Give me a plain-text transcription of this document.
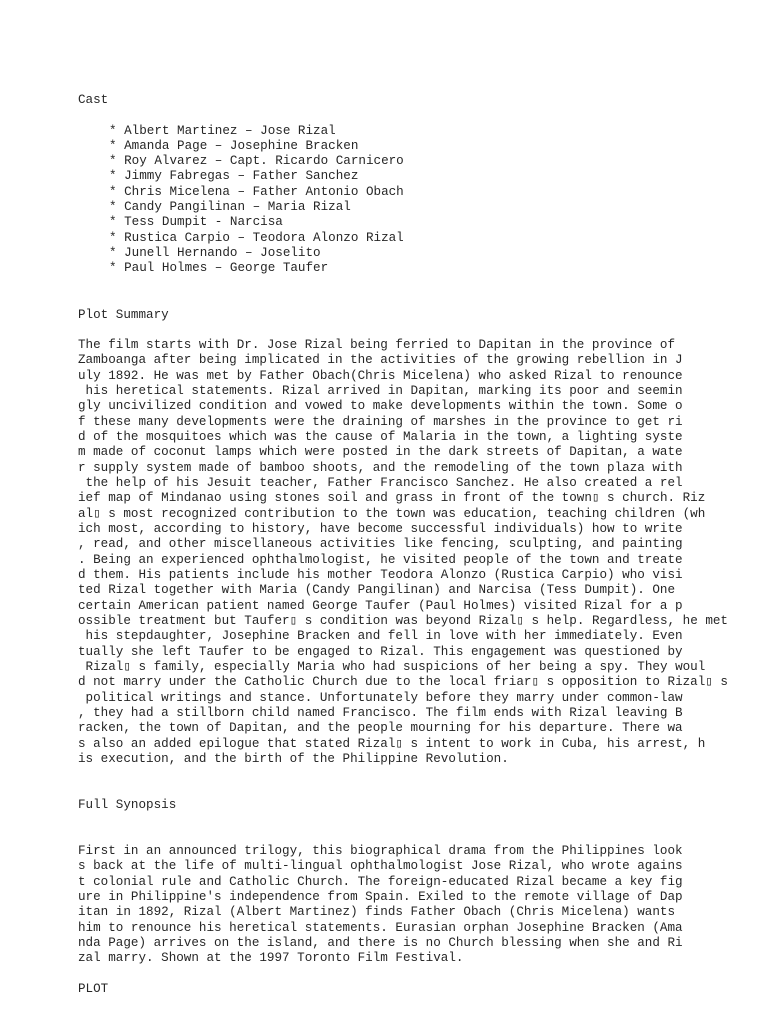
Cast
* Albert Martinez – Jose Rizal
* Amanda Page – Josephine Bracken
* Roy Alvarez – Capt. Ricardo Carnicero
* Jimmy Fabregas – Father Sanchez
* Chris Micelena – Father Antonio Obach
* Candy Pangilinan – Maria Rizal
* Tess Dumpit - Narcisa
* Rustica Carpio – Teodora Alonzo Rizal
* Junell Hernando – Joselito
* Paul Holmes – George Taufer
Plot Summary
The film starts with Dr. Jose Rizal being ferried to Dapitan in the province of
Zamboanga after being implicated in the activities of the growing rebellion in J
uly 1892. He was met by Father Obach(Chris Micelena) who asked Rizal to renounce
his heretical statements. Rizal arrived in Dapitan, marking its poor and seemin
gly uncivilized condition and vowed to make developments within the town. Some o
f these many developments were the draining of marshes in the province to get ri
d of the mosquitoes which was the cause of Malaria in the town, a lighting syste
m made of coconut lamps which were posted in the dark streets of Dapitan, a wate
r supply system made of bamboo shoots, and the remodeling of the town plaza with
the help of his Jesuit teacher, Father Francisco Sanchez. He also created a rel
ief map of Mindanao using stones soil and grass in front of the town▯ s church. Riz
al▯ s most recognized contribution to the town was education, teaching children (wh
ich most, according to history, have become successful individuals) how to write
, read, and other miscellaneous activities like fencing, sculpting, and painting
. Being an experienced ophthalmologist, he visited people of the town and treate
d them. His patients include his mother Teodora Alonzo (Rustica Carpio) who visi
ted Rizal together with Maria (Candy Pangilinan) and Narcisa (Tess Dumpit). One
certain American patient named George Taufer (Paul Holmes) visited Rizal for a p
ossible treatment but Taufer▯ s condition was beyond Rizal▯ s help. Regardless, he met
his stepdaughter, Josephine Bracken and fell in love with her immediately. Even
tually she left Taufer to be engaged to Rizal. This engagement was questioned by
Rizal▯ s family, especially Maria who had suspicions of her being a spy. They woul
d not marry under the Catholic Church due to the local friar▯ s opposition to Rizal▯ s
political writings and stance. Unfortunately before they marry under common-law
, they had a stillborn child named Francisco. The film ends with Rizal leaving B
racken, the town of Dapitan, and the people mourning for his departure. There wa
s also an added epilogue that stated Rizal▯ s intent to work in Cuba, his arrest, h
is execution, and the birth of the Philippine Revolution.
Full Synopsis
First in an announced trilogy, this biographical drama from the Philippines look
s back at the life of multi-lingual ophthalmologist Jose Rizal, who wrote agains
t colonial rule and Catholic Church. The foreign-educated Rizal became a key fig
ure in Philippine's independence from Spain. Exiled to the remote village of Dap
itan in 1892, Rizal (Albert Martinez) finds Father Obach (Chris Micelena) wants
him to renounce his heretical statements. Eurasian orphan Josephine Bracken (Ama
nda Page) arrives on the island, and there is no Church blessing when she and Ri
zal marry. Shown at the 1997 Toronto Film Festival.
PLOT
